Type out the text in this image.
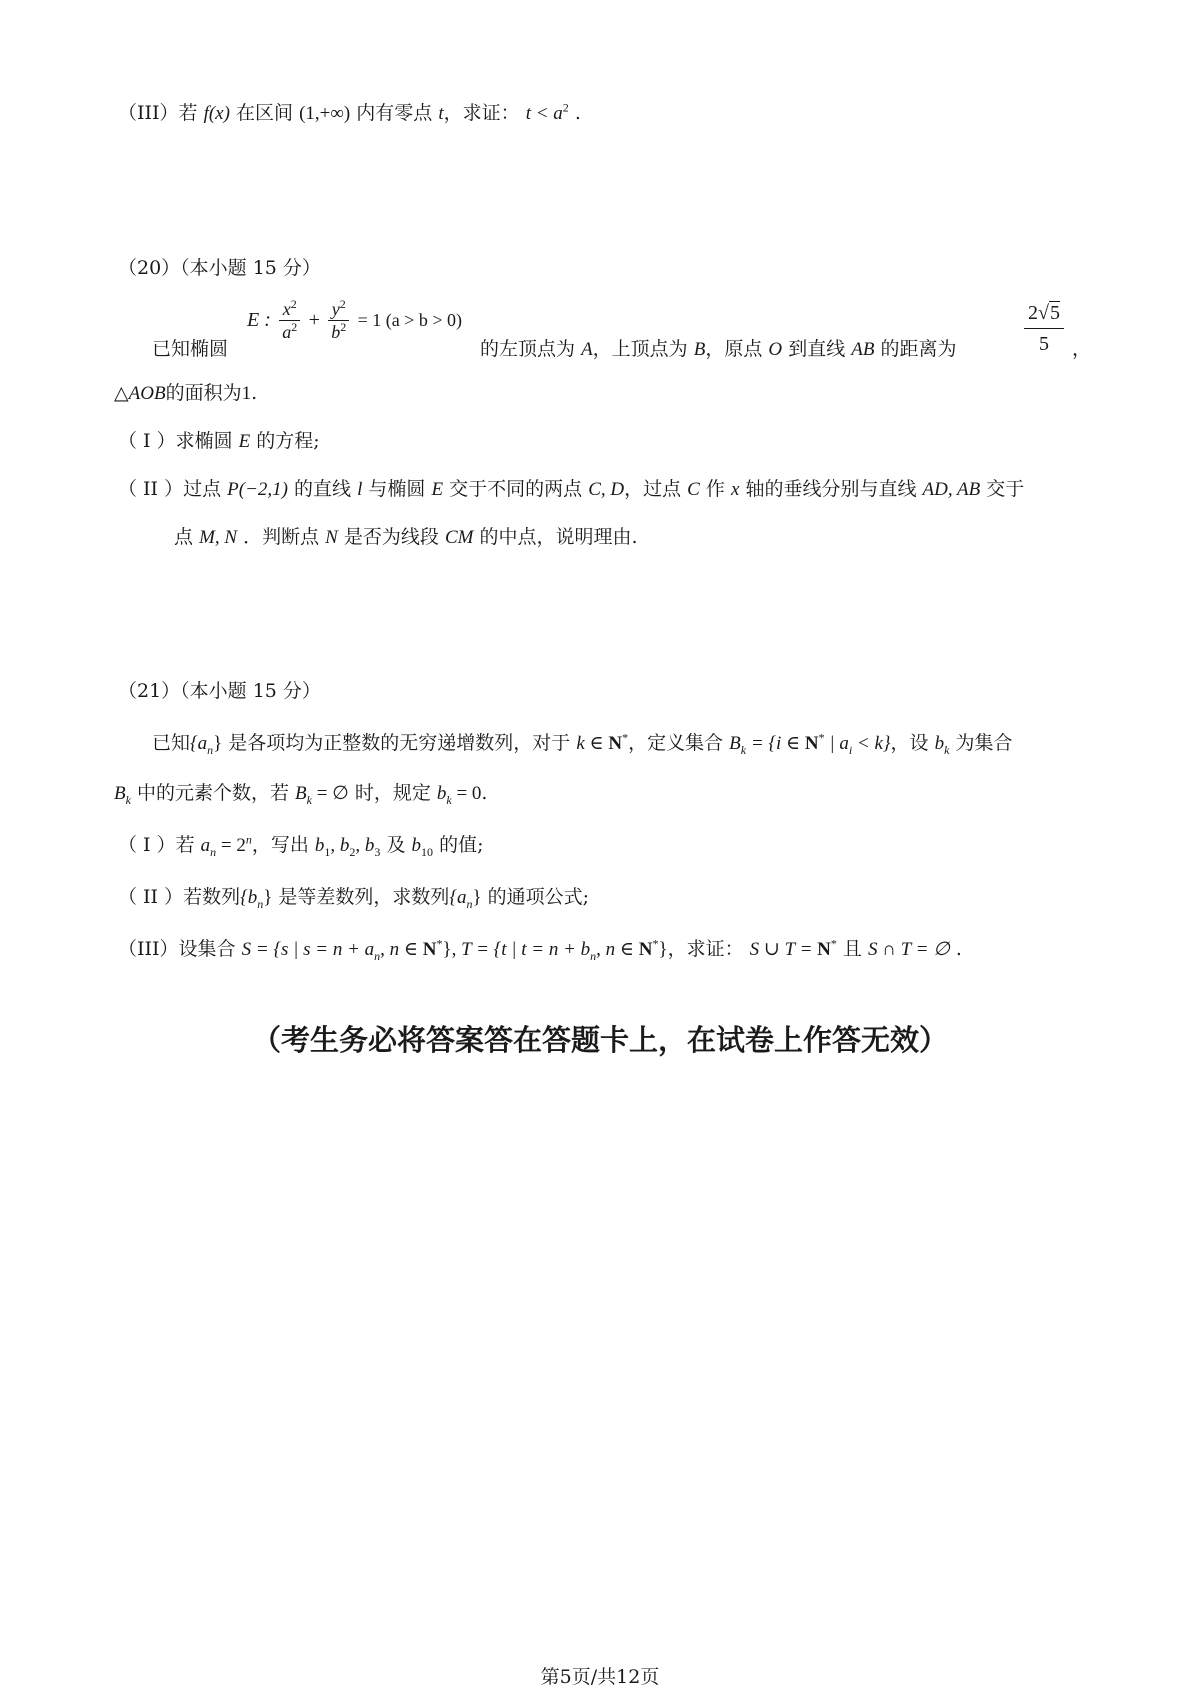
（III）若 f(x) 在区间 (1,+∞) 内有零点 t，求证： $t < a^2$ .
（20）（本小题 15 分）
已知椭圆
E : $\frac{x^2}{a^2} + \frac{y^2}{b^2} = 1$ (a > b > 0)
的左顶点为 A，上顶点为 B，原点 O 到直线 AB 的距离为	$\frac{2√5}{5}$ ，
△AOB的面积为1.
（ I ）求椭圆 E 的方程;
（ II ）过点 P(−2,1) 的直线 l 与椭圆 E 交于不同的两点 C, D，过点 C 作 x 轴的垂线分别与直线 AD, AB 交于
点 M, N ．判断点 N 是否为线段 CM 的中点，说明理由.
（21）（本小题 15 分）
已知$\{a_n\}$ 是各项均为正整数的无穷递增数列，对于 k ∈ N*，定义集合 $B_k = \{i$ ∈ N* | $a_i < k$}，设 $b_k$ 为集合
$B_k$ 中的元素个数，若 $B_k$ = ∅ 时，规定 $b_k = 0$.
（ I ）若 $a_n = 2^n$，写出 $b_1$, $b_2$, $b_3$ 及 $b_{10}$ 的值;
（ II ）若数列$\{b_n\}$ 是等差数列，求数列$\{a_n\}$ 的通项公式;
（III）设集合 S = {s | $s = n + a_n$, n ∈ N*}, T = {t | $t = n + b_n$, n ∈ N*}，求证： S ∪ T = N* 且 S ∩ T = ∅ .
（考生务必将答案答在答题卡上，在试卷上作答无效）
第5页/共12页
